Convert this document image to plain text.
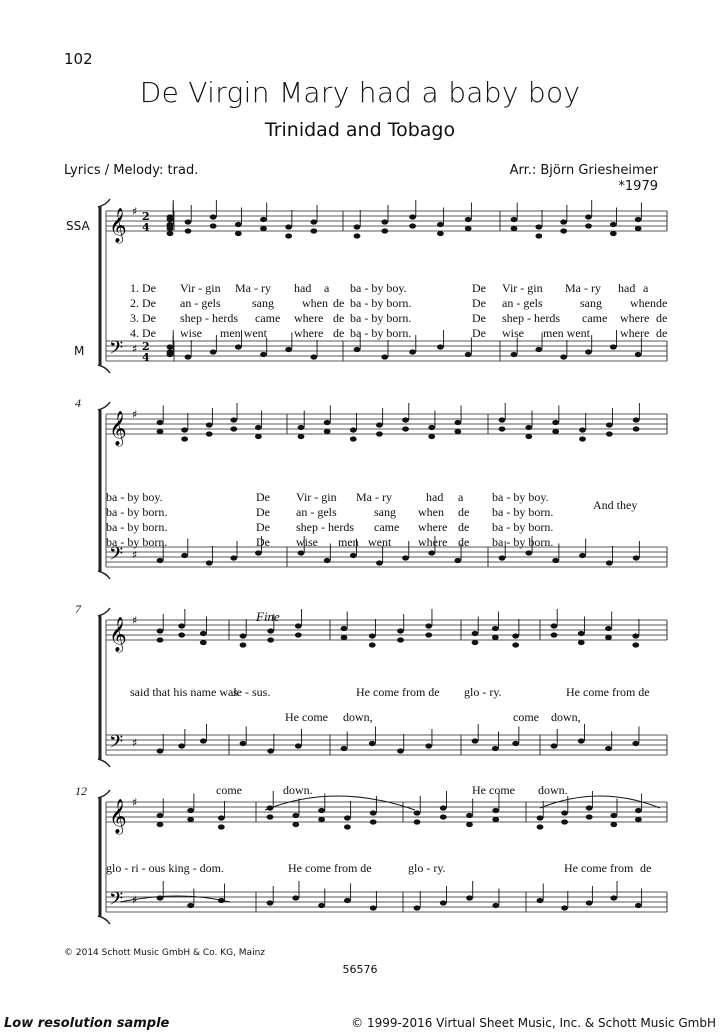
102
De Virgin Mary had a baby boy
Trinidad and Tobago
Lyrics / Melody: trad.	Arr.: Björn Griesheimer
*1979
SSA
M
4
7
12
Fine
𝄞
𝄢
♯
♯
2
4
2
4
𝄞
𝄢
♯
♯
𝄞
𝄢
♯
♯
𝄞
𝄢
♯
♯

1. De Vir - gin Ma - ry had a ba - by boy.	De Vir - gin Ma - ry had a

2. De an - gels	sang when de ba - by born.	De an - gels	sang when de

3. De shep - herds came where de ba - by born.	De shep - herds came where de

4. De wise men went where de ba - by born.	De wise men went	where de

ba - by boy.	De Vir - gin Ma - ry	had a ba - by boy.

ba - by born.	De an - gels	sang when de ba - by born.

ba - by born.	De shep - herds came where de ba - by born.

ba - by born.	De wise men went where de ba - by born.

And they
said that his name was
Je - sus.	He come from de glo - ry.	He come from de
He come down,	come down,
come	down.	He come down.
glo - ri - ous king - dom.	He come from de	glo - ry.	He come from de
© 2014 Schott Music GmbH & Co. KG, Mainz
56576
Low resolution sample	© 1999-2016 Virtual Sheet Music, Inc. & Schott Music GmbH
